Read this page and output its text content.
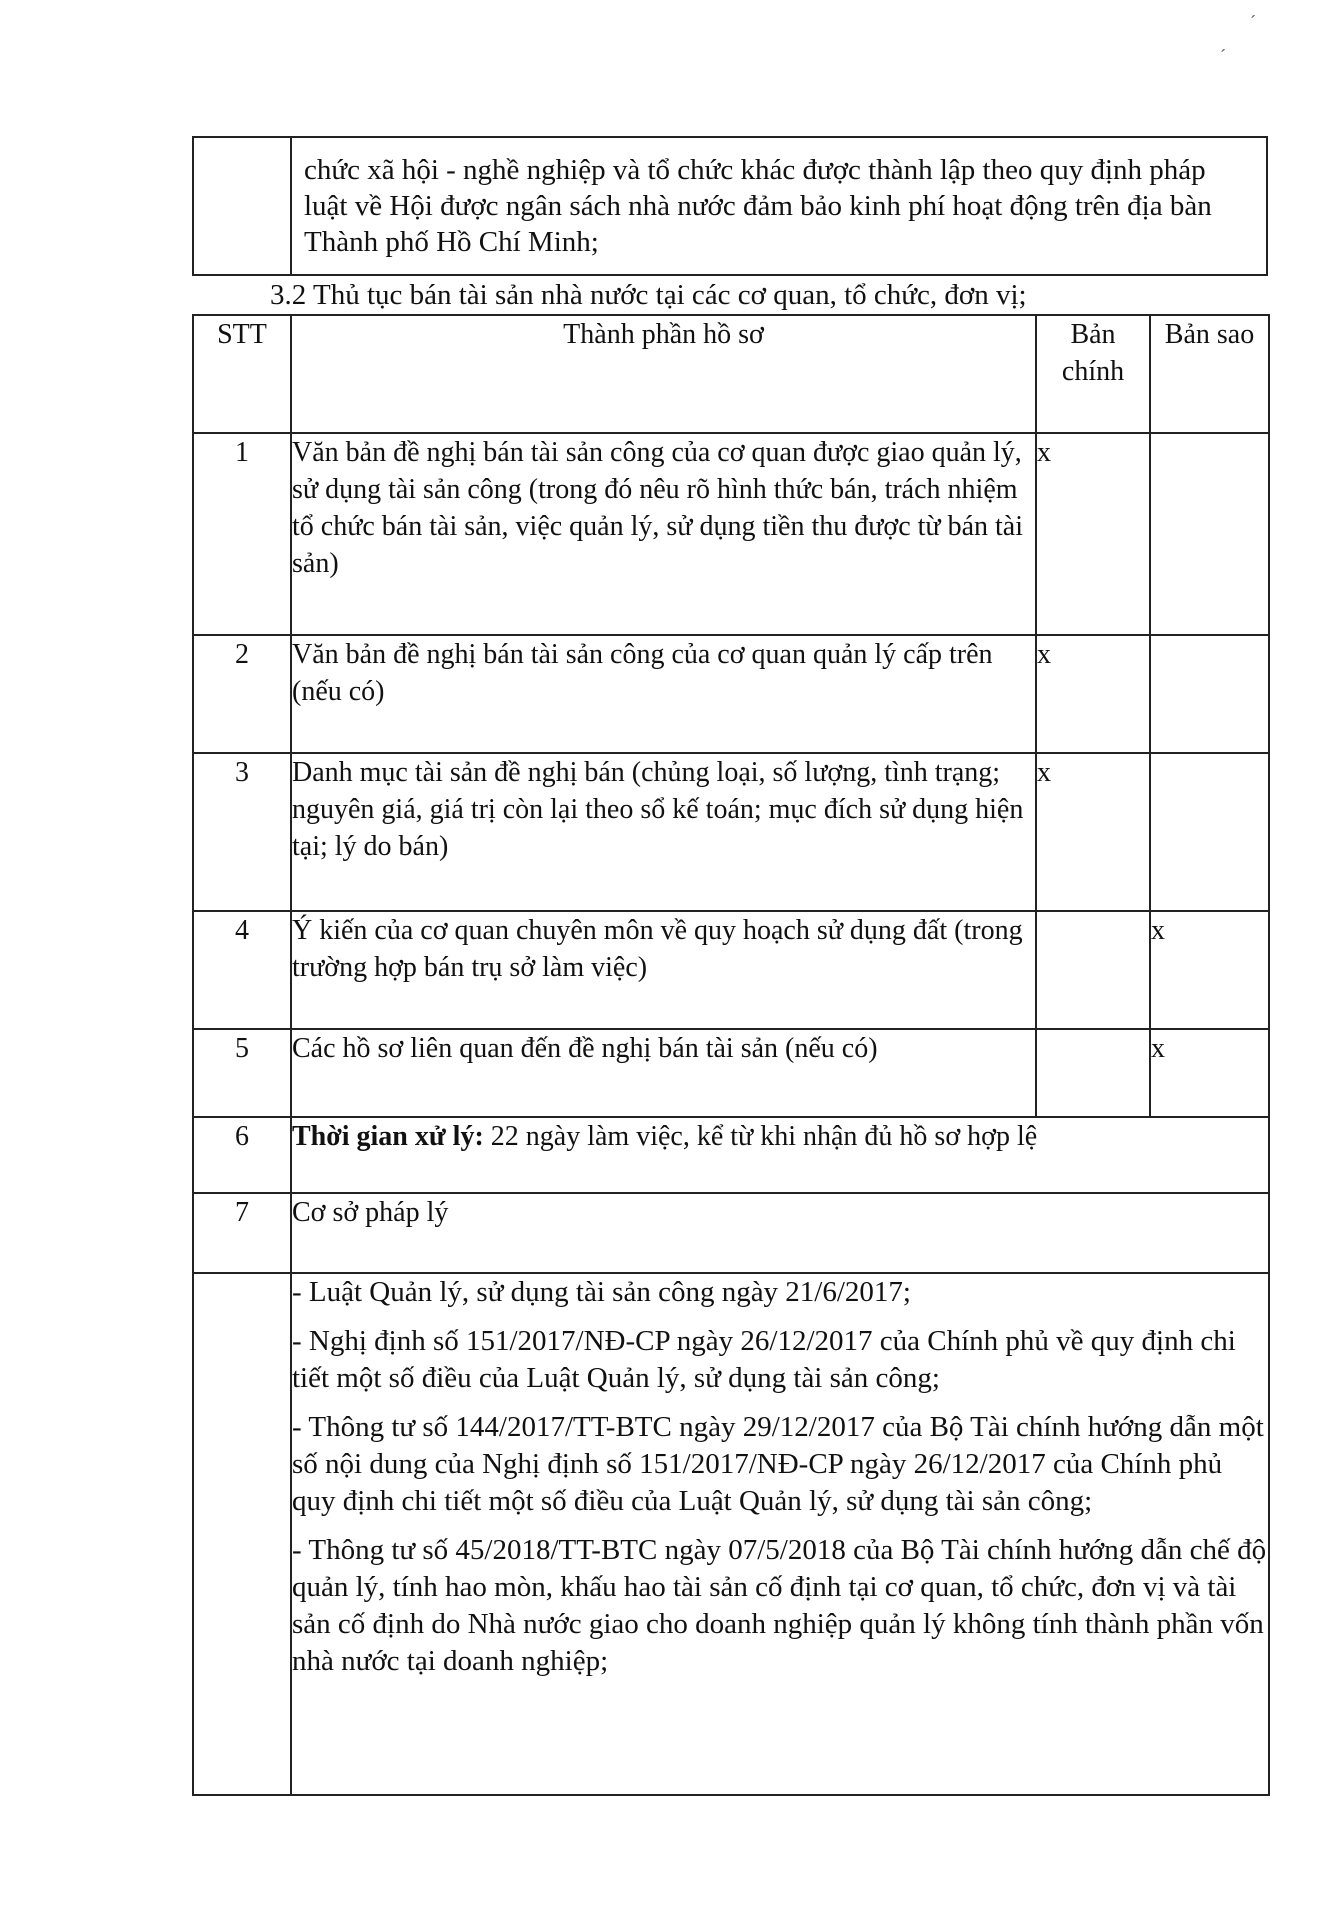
chức xã hội - nghề nghiệp và tổ chức khác được thành lập theo quy định pháp luật về Hội được ngân sách nhà nước đảm bảo kinh phí hoạt động trên địa bàn Thành phố Hồ Chí Minh;
3.2 Thủ tục bán tài sản nhà nước tại các cơ quan, tổ chức, đơn vị;
STT	Thành phần hồ sơ	Bản chính	Bản sao
1	Văn bản đề nghị bán tài sản công của cơ quan được giao quản lý, sử dụng tài sản công (trong đó nêu rõ hình thức bán, trách nhiệm tổ chức bán tài sản, việc quản lý, sử dụng tiền thu được từ bán tài sản)	x	
2	Văn bản đề nghị bán tài sản công của cơ quan quản lý cấp trên (nếu có)	x	
3	Danh mục tài sản đề nghị bán (chủng loại, số lượng, tình trạng; nguyên giá, giá trị còn lại theo sổ kế toán; mục đích sử dụng hiện tại; lý do bán)	x	
4	Ý kiến của cơ quan chuyên môn về quy hoạch sử dụng đất (trong trường hợp bán trụ sở làm việc)		x
5	Các hồ sơ liên quan đến đề nghị bán tài sản (nếu có)		x
6	Thời gian xử lý: 22 ngày làm việc, kể từ khi nhận đủ hồ sơ hợp lệ		
7	Cơ sở pháp lý		

	- Luật Quản lý, sử dụng tài sản công ngày 21/6/2017;
- Nghị định số 151/2017/NĐ-CP ngày 26/12/2017 của Chính phủ về quy định chi tiết một số điều của Luật Quản lý, sử dụng tài sản công;
- Thông tư số 144/2017/TT-BTC ngày 29/12/2017 của Bộ Tài chính hướng dẫn một số nội dung của Nghị định số 151/2017/NĐ-CP ngày 26/12/2017 của Chính phủ quy định chi tiết một số điều của Luật Quản lý, sử dụng tài sản công;
- Thông tư số 45/2018/TT-BTC ngày 07/5/2018 của Bộ Tài chính hướng dẫn chế độ quản lý, tính hao mòn, khấu hao tài sản cố định tại cơ quan, tổ chức, đơn vị và tài sản cố định do Nhà nước giao cho doanh nghiệp quản lý không tính thành phần vốn nhà nước tại doanh nghiệp;		
ˊ
ˊ
